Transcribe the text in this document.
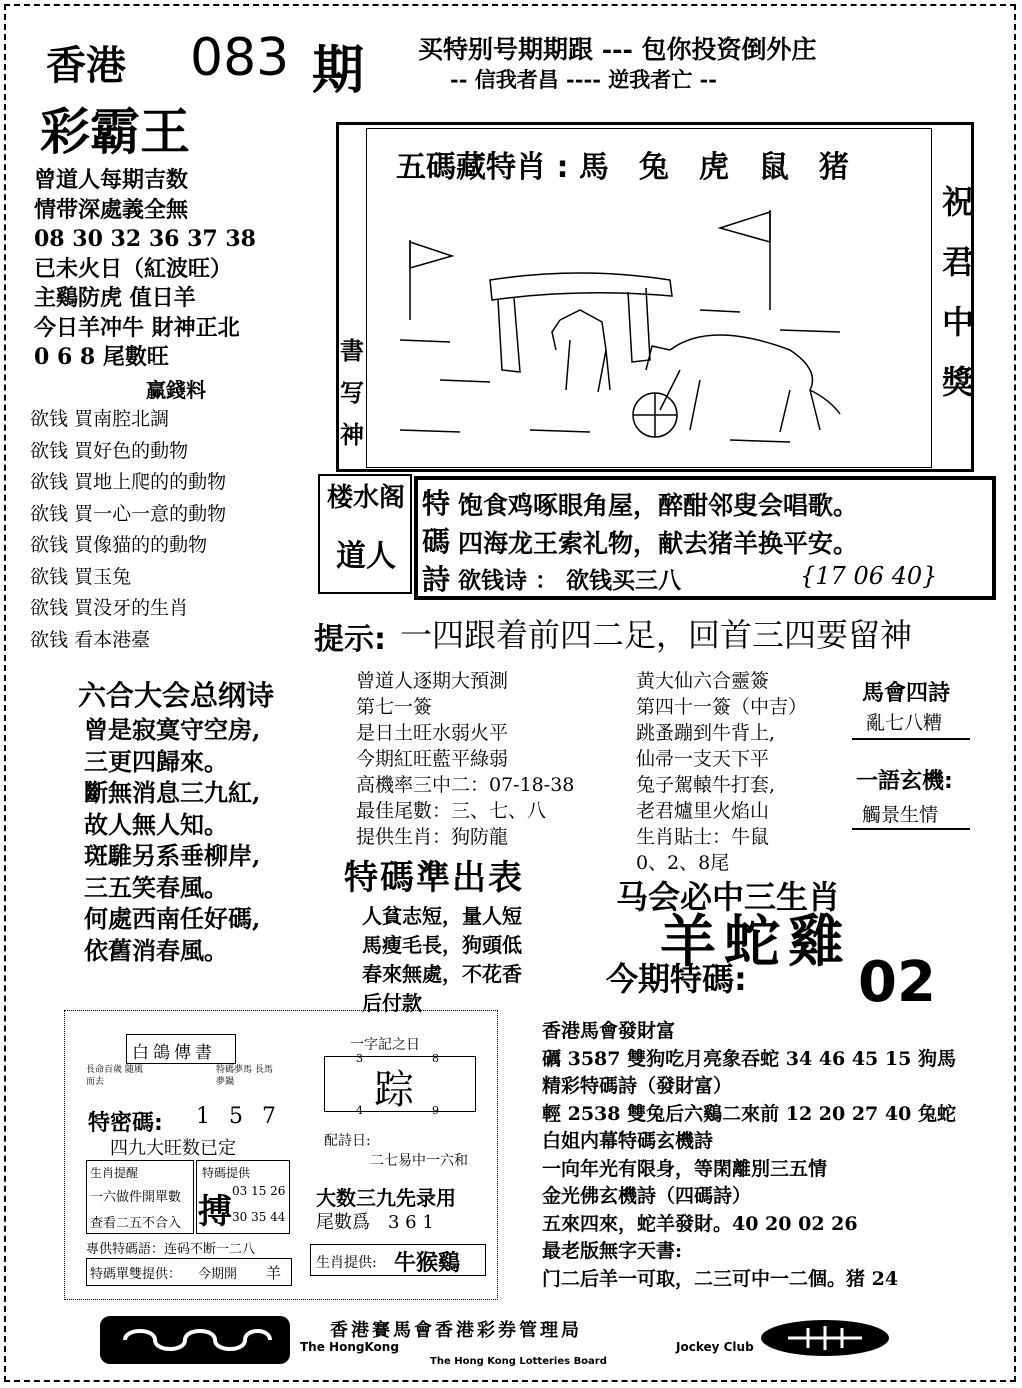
香港 083 期
彩霸王
买特别号期期跟 --- 包你投资倒外庄
-- 信我者昌 ---- 逆我者亡 --
曾道人每期吉数
情带深處義全無
08 30 32 36 37 38
已未火日（紅波旺）
主鷄防虎 值日羊
今日羊冲牛 財神正北
0 6 8 尾數旺
赢錢料
欲钱 買南腔北調
欲钱 買好色的動物
欲钱 買地上爬的的動物
欲钱 買一心一意的動物
欲钱 買像猫的的動物
欲钱 買玉兔
欲钱 買没牙的生肖
欲钱 看本港臺
五碼藏特肖 : 馬　兔　虎　鼠　猪
祝君中獎
書写神
楼水阁
道人
特
碼
詩
饱食鸡啄眼角屋，醉酣邻叟会唱歌。
四海龙王索礼物，献去猪羊换平安。
欲钱诗 ： 欲钱买三八	{17 06 40}
提示: 一四跟着前四二足，回首三四要留神
六合大会总纲诗
曾是寂寞守空房,
三更四歸來。
斷無消息三九紅,
故人無人知。
斑騅另系垂柳岸,
三五笑春風。
何處西南任好碼,
依舊消春風。
曾道人逐期大預測
第七一簽
是日土旺水弱火平
今期紅旺藍平綠弱
高機率三中二：07-18-38
最佳尾數：三、七、八
提供生肖：狗防龍
黄大仙六合靈簽
第四十一簽（中吉）
跳蚤蹦到牛背上,
仙帚一支天下平
兔子駕轅牛打套,
老君爐里火焰山
生肖貼士：牛鼠
0、2、8尾
馬會四詩
亂七八糟
一語玄機:
觸景生情
特碼準出表
人貧志短，量人短
馬瘦毛長，狗頭低
春來無處，不花香
后付款
马会必中三生肖
羊蛇雞
今期特碼: 02
白鴿傳書
長命百歲 随風而去
特碼夢馬 長馬夢鍋
特密碼: 1 5 7
四九大旺数已定
生肖提醒
一六做件開單數
查看二五不合入
特碼提供
搏
03 15 26
30 35 44
專供特碼語：连码不断一二八
特碼單雙提供： 今期開 羊
一字記之日
3	8
踪
4	9
配詩日:
二七易中一六和
大数三九先录用
尾數爲　3 6 1
生肖提供: 牛猴鷄
香港馬會發財富
礪 3587 雙狗吃月亮象吞蛇 34 46 45 15 狗馬
精彩特碼詩（發財富）
輕 2538 雙兔后六鷄二來前 12 20 27 40 兔蛇
白姐内幕特碼玄機詩
一向年光有限身，等閑離別三五情
金光佛玄機詩（四碼詩）
五來四來，蛇羊發財。40 20 02 26
最老版無字天書:
门二后羊一可取，二三可中一二個。猪 24
香港賽馬會香港彩券管理局
The HongKong	Jockey Club
The Hong Kong Lotteries Board
